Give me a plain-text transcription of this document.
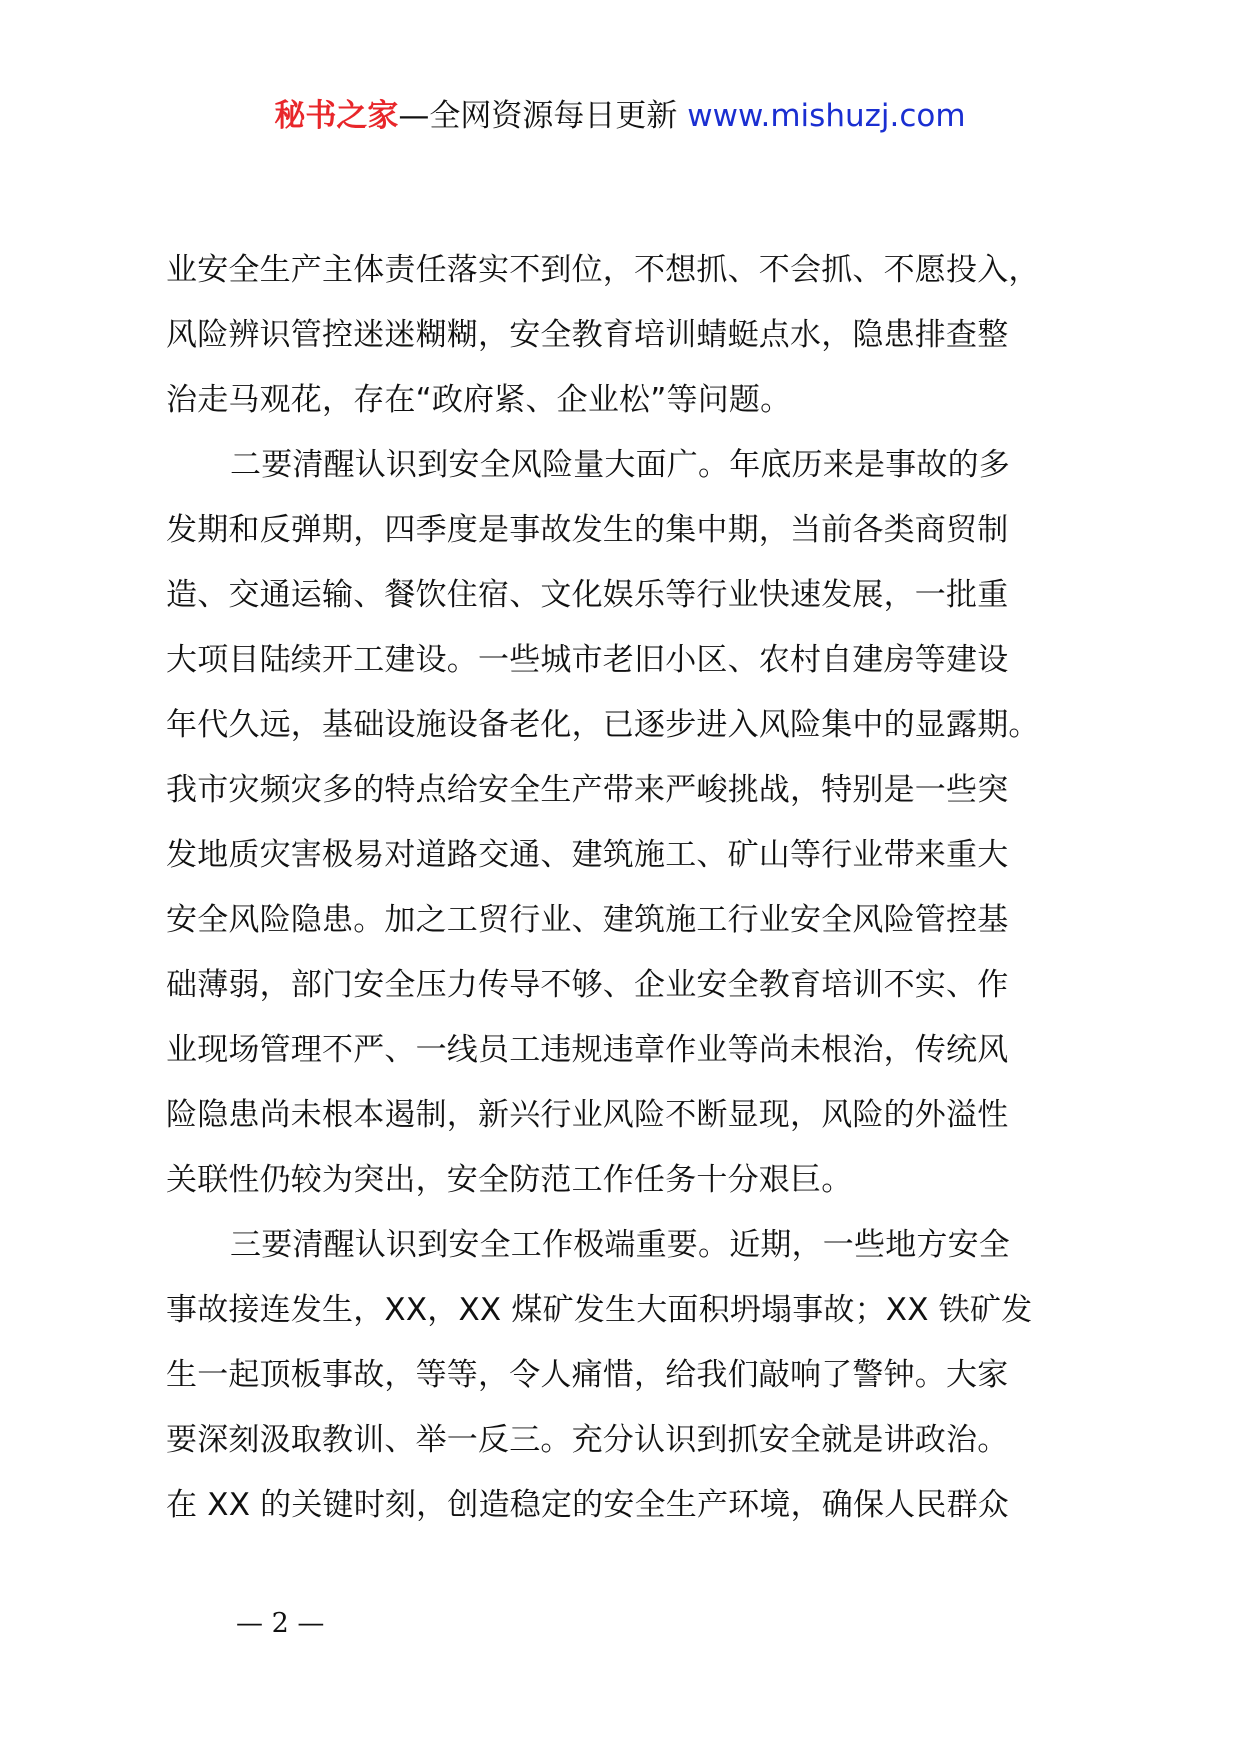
秘书之家—全网资源每日更新 www.mishuzj.com
业安全生产主体责任落实不到位，不想抓、不会抓、不愿投入，
风险辨识管控迷迷糊糊，安全教育培训蜻蜓点水，隐患排查整
治走马观花，存在“政府紧、企业松”等问题。
二要清醒认识到安全风险量大面广。年底历来是事故的多
发期和反弹期，四季度是事故发生的集中期，当前各类商贸制
造、交通运输、餐饮住宿、文化娱乐等行业快速发展，一批重
大项目陆续开工建设。一些城市老旧小区、农村自建房等建设
年代久远，基础设施设备老化，已逐步进入风险集中的显露期。
我市灾频灾多的特点给安全生产带来严峻挑战，特别是一些突
发地质灾害极易对道路交通、建筑施工、矿山等行业带来重大
安全风险隐患。加之工贸行业、建筑施工行业安全风险管控基
础薄弱，部门安全压力传导不够、企业安全教育培训不实、作
业现场管理不严、一线员工违规违章作业等尚未根治，传统风
险隐患尚未根本遏制，新兴行业风险不断显现，风险的外溢性
关联性仍较为突出，安全防范工作任务十分艰巨。
三要清醒认识到安全工作极端重要。近期，一些地方安全
事故接连发生，XX，XX 煤矿发生大面积坍塌事故；XX 铁矿发
生一起顶板事故，等等，令人痛惜，给我们敲响了警钟。大家
要深刻汲取教训、举一反三。充分认识到抓安全就是讲政治。
在 XX 的关键时刻，创造稳定的安全生产环境，确保人民群众
— 2 —
